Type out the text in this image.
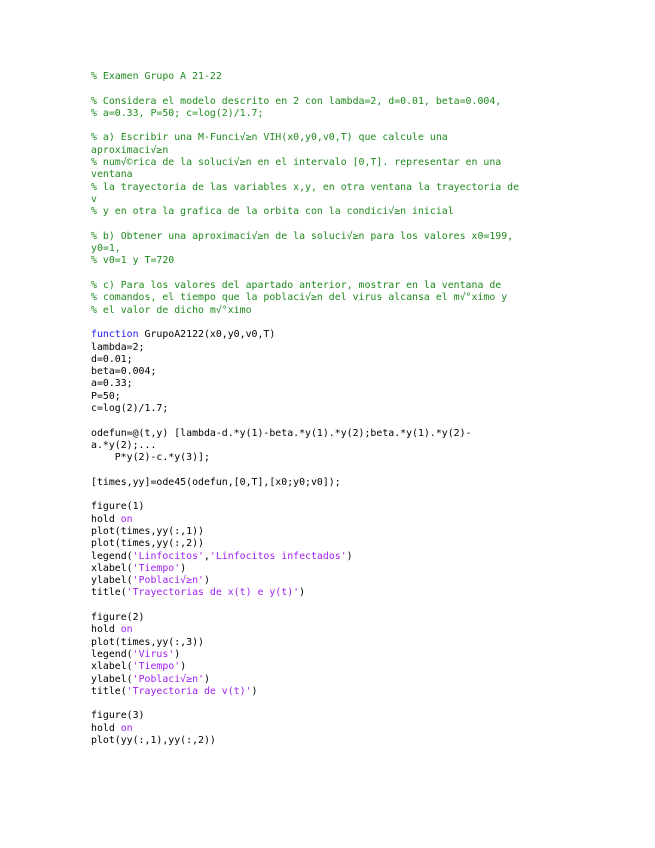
% Examen Grupo A 21-22
% Considera el modelo descrito en 2 con lambda=2, d=0.01, beta=0.004,
% a=0.33, P=50; c=log(2)/1.7;
% a) Escribir una M-Funci√≥n VIH(x0,y0,v0,T) que calcule una
aproximaci√≥n
% num√©rica de la soluci√≥n en el intervalo [0,T]. representar en una
ventana
% la trayectoria de las variables x,y, en otra ventana la trayectoria de
v
% y en otra la grafica de la orbita con la condici√≥n inicial
% b) Obtener una aproximaci√≥n de la soluci√≥n para los valores x0=199,
y0=1,
% v0=1 y T=720
% c) Para los valores del apartado anterior, mostrar en la ventana de
% comandos, el tiempo que la poblaci√≥n del virus alcansa el m√°ximo y
% el valor de dicho m√°ximo
function GrupoA2122(x0,y0,v0,T)
lambda=2;
d=0.01;
beta=0.004;
a=0.33;
P=50;
c=log(2)/1.7;
odefun=@(t,y) [lambda-d.*y(1)-beta.*y(1).*y(2);beta.*y(1).*y(2)-
a.*y(2);...
P*y(2)-c.*y(3)];
[times,yy]=ode45(odefun,[0,T],[x0;y0;v0]);
figure(1)
hold on
plot(times,yy(:,1))
plot(times,yy(:,2))
legend('Linfocitos','Linfocitos infectados')
xlabel('Tiempo')
ylabel('Poblaci√≥n')
title('Trayectorias de x(t) e y(t)')
figure(2)
hold on
plot(times,yy(:,3))
legend('Virus')
xlabel('Tiempo')
ylabel('Poblaci√≥n')
title('Trayectoria de v(t)')
figure(3)
hold on
plot(yy(:,1),yy(:,2))
